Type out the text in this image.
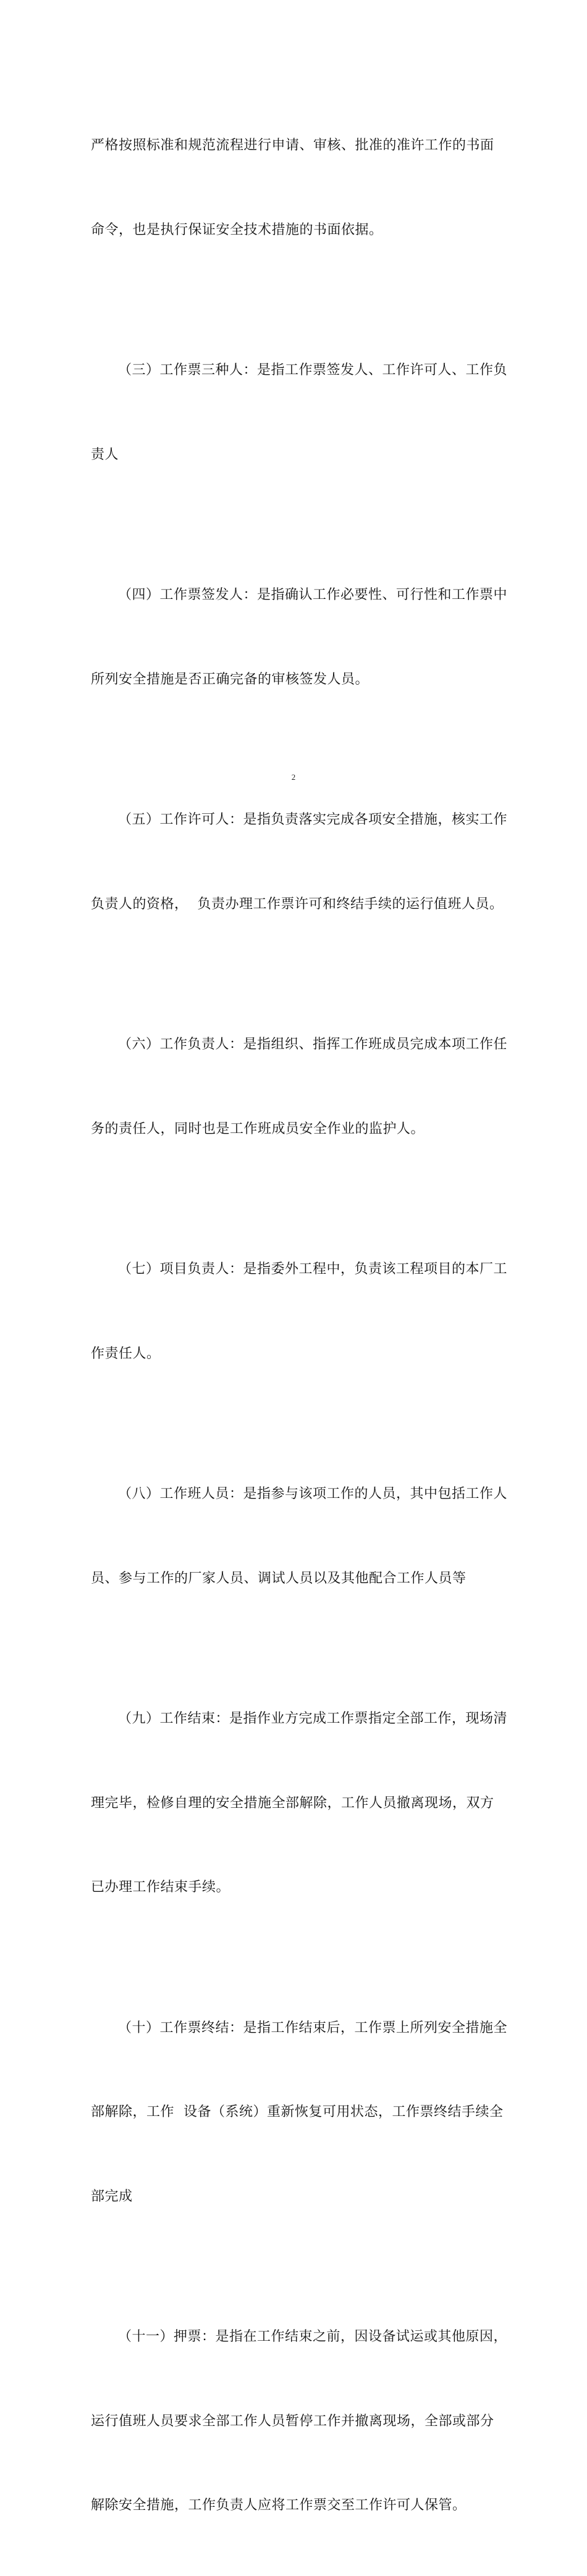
严格按照标准和规范流程进行申请、审核、批准的准许工作的书面

命令，也是执行保证安全技术措施的书面依据。

（三）工作票三种人：是指工作票签发人、工作许可人、工作负

责人

（四）工作票签发人：是指确认工作必要性、可行性和工作票中

所列安全措施是否正确完备的审核签发人员。

（五）工作许可人：是指负责落实完成各项安全措施，核实工作

负责人的资格，  负责办理工作票许可和终结手续的运行值班人员。

（六）工作负责人：是指组织、指挥工作班成员完成本项工作任

务的责任人，同时也是工作班成员安全作业的监护人。

（七）项目负责人：是指委外工程中，负责该工程项目的本厂工

作责任人。

（八）工作班人员：是指参与该项工作的人员，其中包括工作人

员、参与工作的厂家人员、调试人员以及其他配合工作人员等

（九）工作结束：是指作业方完成工作票指定全部工作，现场清

理完毕，检修自理的安全措施全部解除，工作人员撤离现场，双方

已办理工作结束手续。

（十）工作票终结：是指工作结束后，工作票上所列安全措施全

部解除，工作  设备（系统）重新恢复可用状态，工作票终结手续全

部完成

（十一）押票：是指在工作结束之前，因设备试运或其他原因，

运行值班人员要求全部工作人员暂停工作并撤离现场，全部或部分

解除安全措施，工作负责人应将工作票交至工作许可人保管。

2
